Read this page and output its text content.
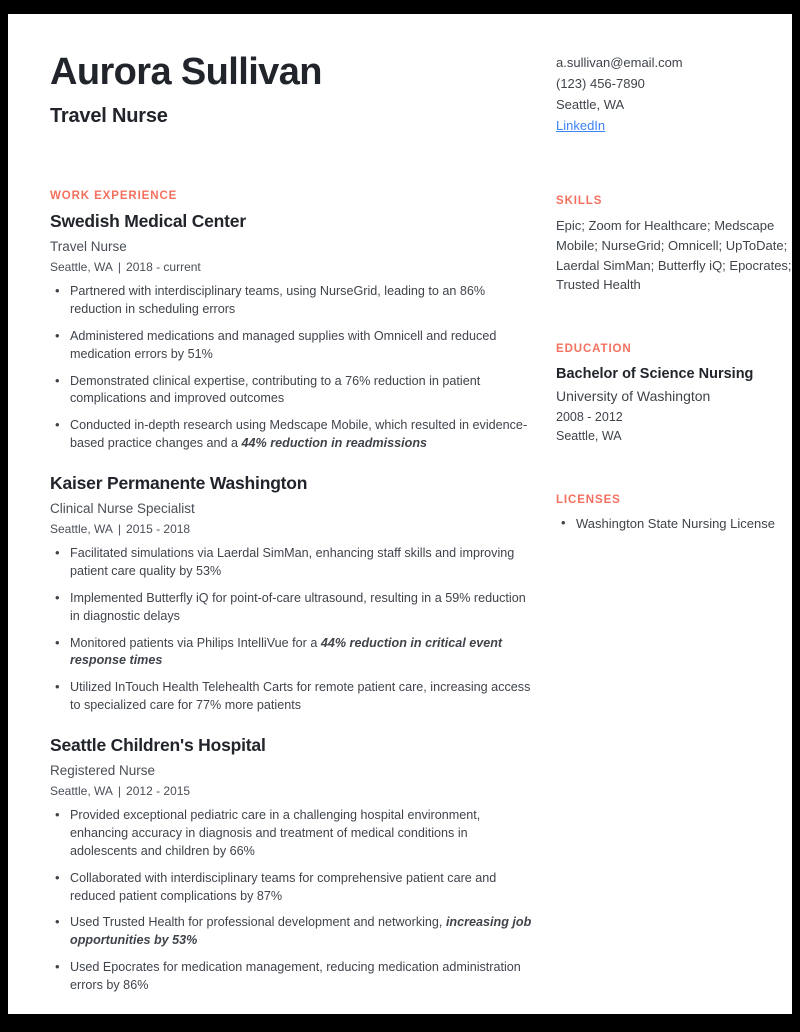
Aurora Sullivan
Travel Nurse
WORK EXPERIENCE
Swedish Medical Center
Travel Nurse
Seattle, WA | 2018 - current
• Partnered with interdisciplinary teams, using NurseGrid, leading to an 86% reduction in scheduling errors
• Administered medications and managed supplies with Omnicell and reduced medication errors by 51%
• Demonstrated clinical expertise, contributing to a 76% reduction in patient complications and improved outcomes
• Conducted in-depth research using Medscape Mobile, which resulted in evidence-based practice changes and a 44% reduction in readmissions
Kaiser Permanente Washington
Clinical Nurse Specialist
Seattle, WA | 2015 - 2018
• Facilitated simulations via Laerdal SimMan, enhancing staff skills and improving patient care quality by 53%
• Implemented Butterfly iQ for point-of-care ultrasound, resulting in a 59% reduction in diagnostic delays
• Monitored patients via Philips IntelliVue for a 44% reduction in critical event response times
• Utilized InTouch Health Telehealth Carts for remote patient care, increasing access to specialized care for 77% more patients
Seattle Children's Hospital
Registered Nurse
Seattle, WA | 2012 - 2015
• Provided exceptional pediatric care in a challenging hospital environment, enhancing accuracy in diagnosis and treatment of medical conditions in adolescents and children by 66%
• Collaborated with interdisciplinary teams for comprehensive patient care and reduced patient complications by 87%
• Used Trusted Health for professional development and networking, increasing job opportunities by 53%
• Used Epocrates for medication management, reducing medication administration errors by 86%
a.sullivan@email.com
(123) 456-7890
Seattle, WA
LinkedIn
SKILLS
Epic; Zoom for Healthcare; Medscape Mobile; NurseGrid; Omnicell; UpToDate; Laerdal SimMan; Butterfly iQ; Epocrates; Trusted Health
EDUCATION
Bachelor of Science Nursing
University of Washington
2008 - 2012
Seattle, WA
LICENSES
• Washington State Nursing License
